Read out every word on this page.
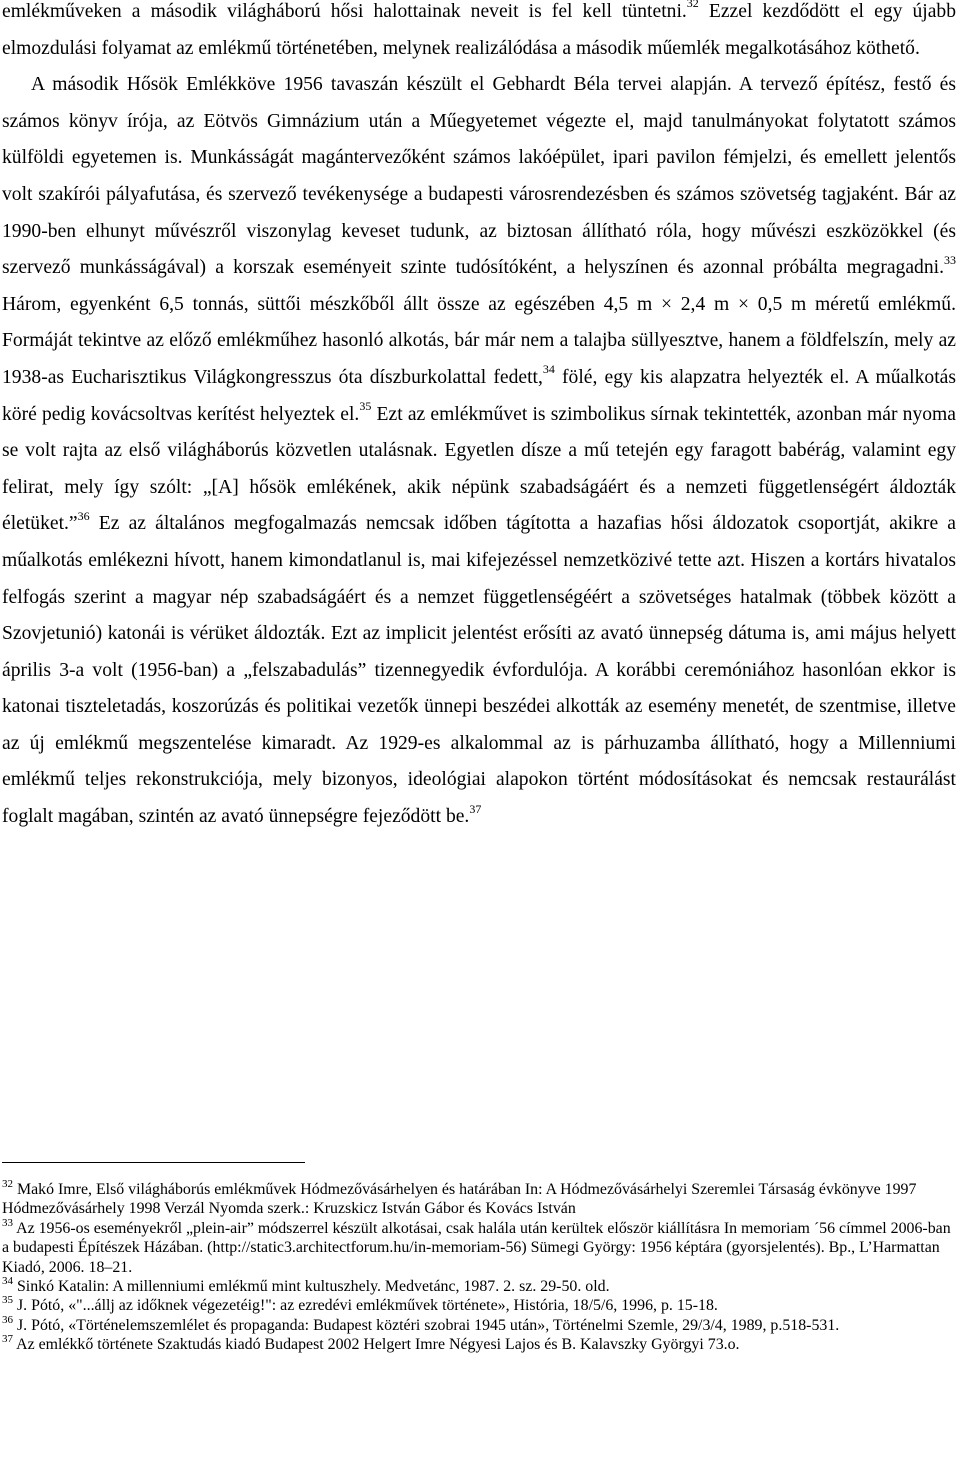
emlékműveken a második világháború hősi halottainak neveit is fel kell tüntetni.$^{32}$ Ezzel kezdődött el egy újabb elmozdulási folyamat az emlékmű történetében, melynek realizálódása a második műemlék megalkotásához köthető.

A második Hősök Emlékköve 1956 tavaszán készült el Gebhardt Béla tervei alapján. A tervező építész, festő és számos könyv írója, az Eötvös Gimnázium után a Műegyetemet végezte el, majd tanulmányokat folytatott számos külföldi egyetemen is. Munkásságát magántervezőként számos lakóépület, ipari pavilon fémjelzi, és emellett jelentős volt szakírói pályafutása, és szervező tevékenysége a budapesti városrendezésben és számos szövetség tagjaként. Bár az 1990-ben elhunyt művészről viszonylag keveset tudunk, az biztosan állítható róla, hogy művészi eszközökkel (és szervező munkásságával) a korszak eseményeit szinte tudósítóként, a helyszínen és azonnal próbálta megragadni.$^{33}$ Három, egyenként 6,5 tonnás, süttői mészkőből állt össze az egészében 4,5 m × 2,4 m × 0,5 m méretű emlékmű. Formáját tekintve az előző emlékműhez hasonló alkotás, bár már nem a talajba süllyesztve, hanem a földfelszín, mely az 1938-as Eucharisztikus Világkongresszus óta díszburkolattal fedett,$^{34}$ fölé, egy kis alapzatra helyezték el. A műalkotás köré pedig kovácsoltvas kerítést helyeztek el.$^{35}$ Ezt az emlékművet is szimbolikus sírnak tekintették, azonban már nyoma se volt rajta az első világháborús közvetlen utalásnak. Egyetlen dísze a mű tetején egy faragott babérág, valamint egy felirat, mely így szólt: „[A] hősök emlékének, akik népünk szabadságáért és a nemzeti függetlenségért áldozták életüket.”$^{36}$ Ez az általános megfogalmazás nemcsak időben tágította a hazafias hősi áldozatok csoportját, akikre a műalkotás emlékezni hívott, hanem kimondatlanul is, mai kifejezéssel nemzetközivé tette azt. Hiszen a kortárs hivatalos felfogás szerint a magyar nép szabadságáért és a nemzet függetlenségéért a szövetséges hatalmak (többek között a Szovjetunió) katonái is vérüket áldozták. Ezt az implicit jelentést erősíti az avató ünnepség dátuma is, ami május helyett április 3-a volt (1956-ban) a „felszabadulás” tizennegyedik évfordulója. A korábbi ceremóniához hasonlóan ekkor is katonai tiszteletadás, koszorúzás és politikai vezetők ünnepi beszédei alkották az esemény menetét, de szentmise, illetve az új emlékmű megszentelése kimaradt. Az 1929-es alkalommal az is párhuzamba állítható, hogy a Millenniumi emlékmű teljes rekonstrukciója, mely bizonyos, ideológiai alapokon történt módosításokat és nemcsak restaurálást foglalt magában, szintén az avató ünnepségre fejeződött be.$^{37}$

$^{32}$ Makó Imre, Első világháborús emlékművek Hódmezővásárhelyen és határában In: A Hódmezővásárhelyi Szeremlei Társaság évkönyve 1997 Hódmezővásárhely 1998 Verzál Nyomda szerk.: Kruzskicz István Gábor és Kovács István

$^{33}$ Az 1956-os eseményekről „plein-air” módszerrel készült alkotásai, csak halála után kerültek először kiállításra In memoriam ´56 címmel 2006-ban a budapesti Építészek Házában. (http://static3.architectforum.hu/in-memoriam-56) Sümegi György: 1956 képtára (gyorsjelentés). Bp., L’Harmattan Kiadó, 2006. 18–21.

$^{34}$ Sinkó Katalin: A millenniumi emlékmű mint kultuszhely. Medvetánc, 1987. 2. sz. 29-50. old.

$^{35}$ J. Pótó, «"...állj az időknek végezetéig!": az ezredévi emlékművek története», História, 18/5/6, 1996, p. 15-18.

$^{36}$ J. Pótó, «Történelemszemlélet és propaganda: Budapest köztéri szobrai 1945 után», Történelmi Szemle, 29/3/4, 1989, p.518-531.

$^{37}$ Az emlékkő története Szaktudás kiadó Budapest 2002 Helgert Imre Négyesi Lajos és B. Kalavszky Györgyi 73.o.
